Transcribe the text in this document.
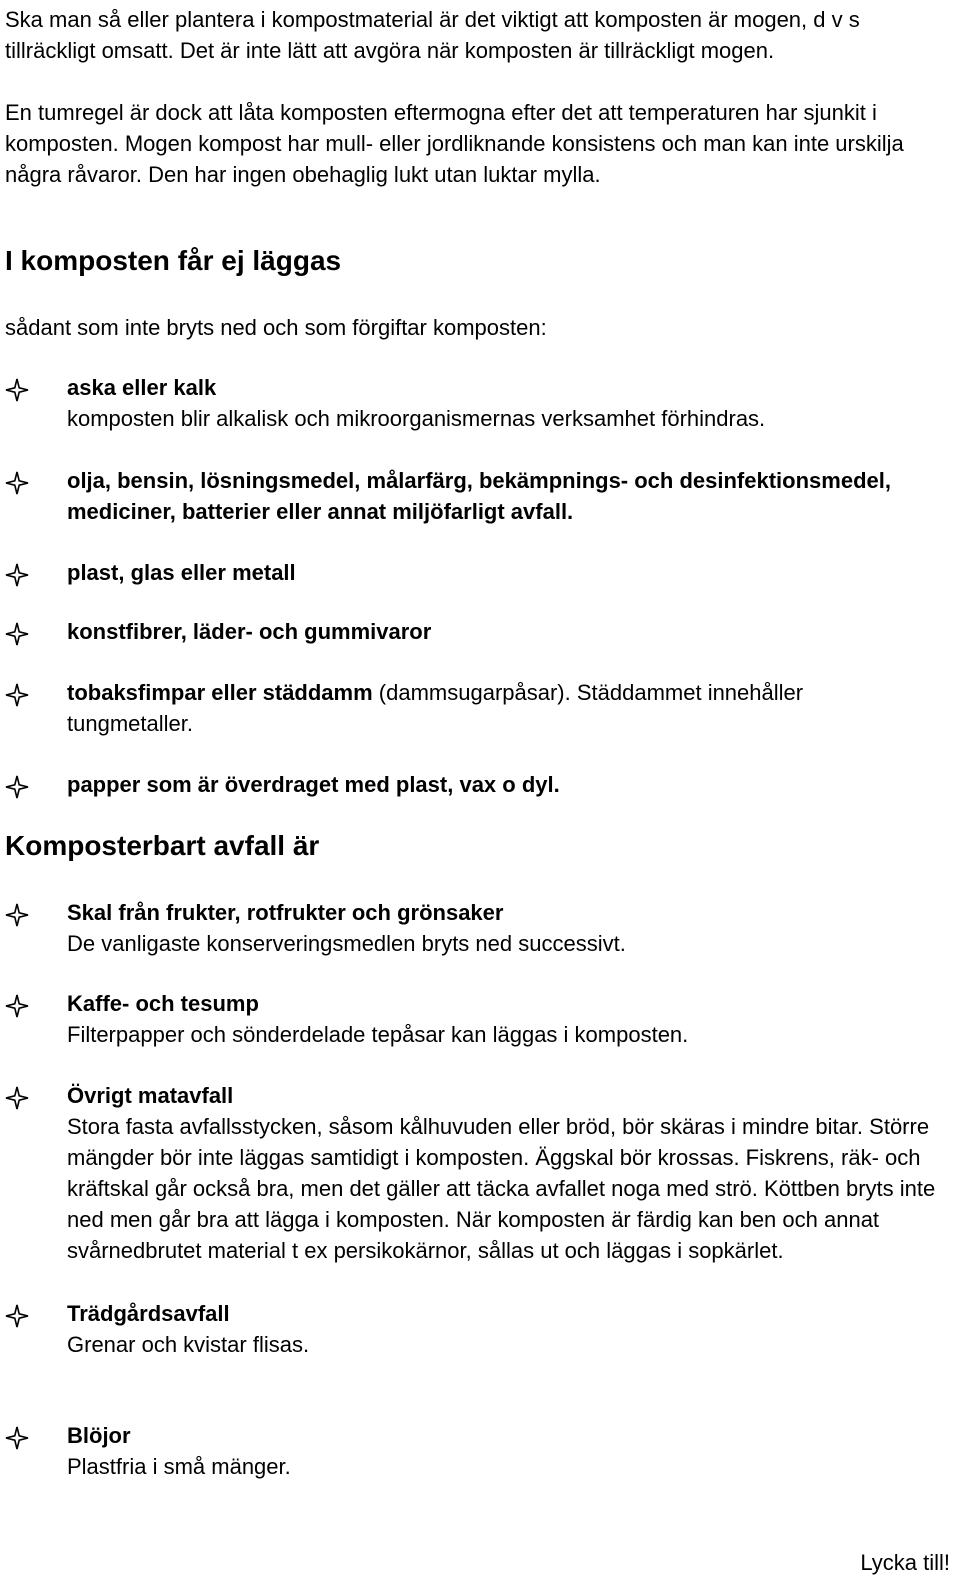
Ska man så eller plantera i kompostmaterial är det viktigt att komposten är mogen, d v s tillräckligt omsatt. Det är inte lätt att avgöra när komposten är tillräckligt mogen.

En tumregel är dock att låta komposten eftermogna efter det att temperaturen har sjunkit i komposten. Mogen kompost har mull- eller jordliknande konsistens och man kan inte urskilja några råvaror. Den har ingen obehaglig lukt utan luktar mylla.

I komposten får ej läggas

sådant som inte bryts ned och som förgiftar komposten:

aska eller kalk
komposten blir alkalisk och mikroorganismernas verksamhet förhindras.
olja, bensin, lösningsmedel, målarfärg, bekämpnings- och desinfektionsmedel, mediciner, batterier eller annat miljöfarligt avfall.
plast, glas eller metall
konstfibrer, läder- och gummivaror
tobaksfimpar eller städdamm (dammsugarpåsar). Städdammet innehåller tungmetaller.
papper som är överdraget med plast, vax o dyl.
Komposterbart avfall är
Skal från frukter, rotfrukter och grönsaker
De vanligaste konserveringsmedlen bryts ned successivt.
Kaffe- och tesump
Filterpapper och sönderdelade tepåsar kan läggas i komposten.
Övrigt matavfall
Stora fasta avfallsstycken, såsom kålhuvuden eller bröd, bör skäras i mindre bitar. Större mängder bör inte läggas samtidigt i komposten. Äggskal bör krossas. Fiskrens, räk- och kräftskal går också bra, men det gäller att täcka avfallet noga med strö. Köttben bryts inte ned men går bra att lägga i komposten. När komposten är färdig kan ben och annat svårnedbrutet material t ex persikokärnor, sållas ut och läggas i sopkärlet.
Trädgårdsavfall
Grenar och kvistar flisas.
Blöjor
Plastfria i små mänger.
Lycka till!
